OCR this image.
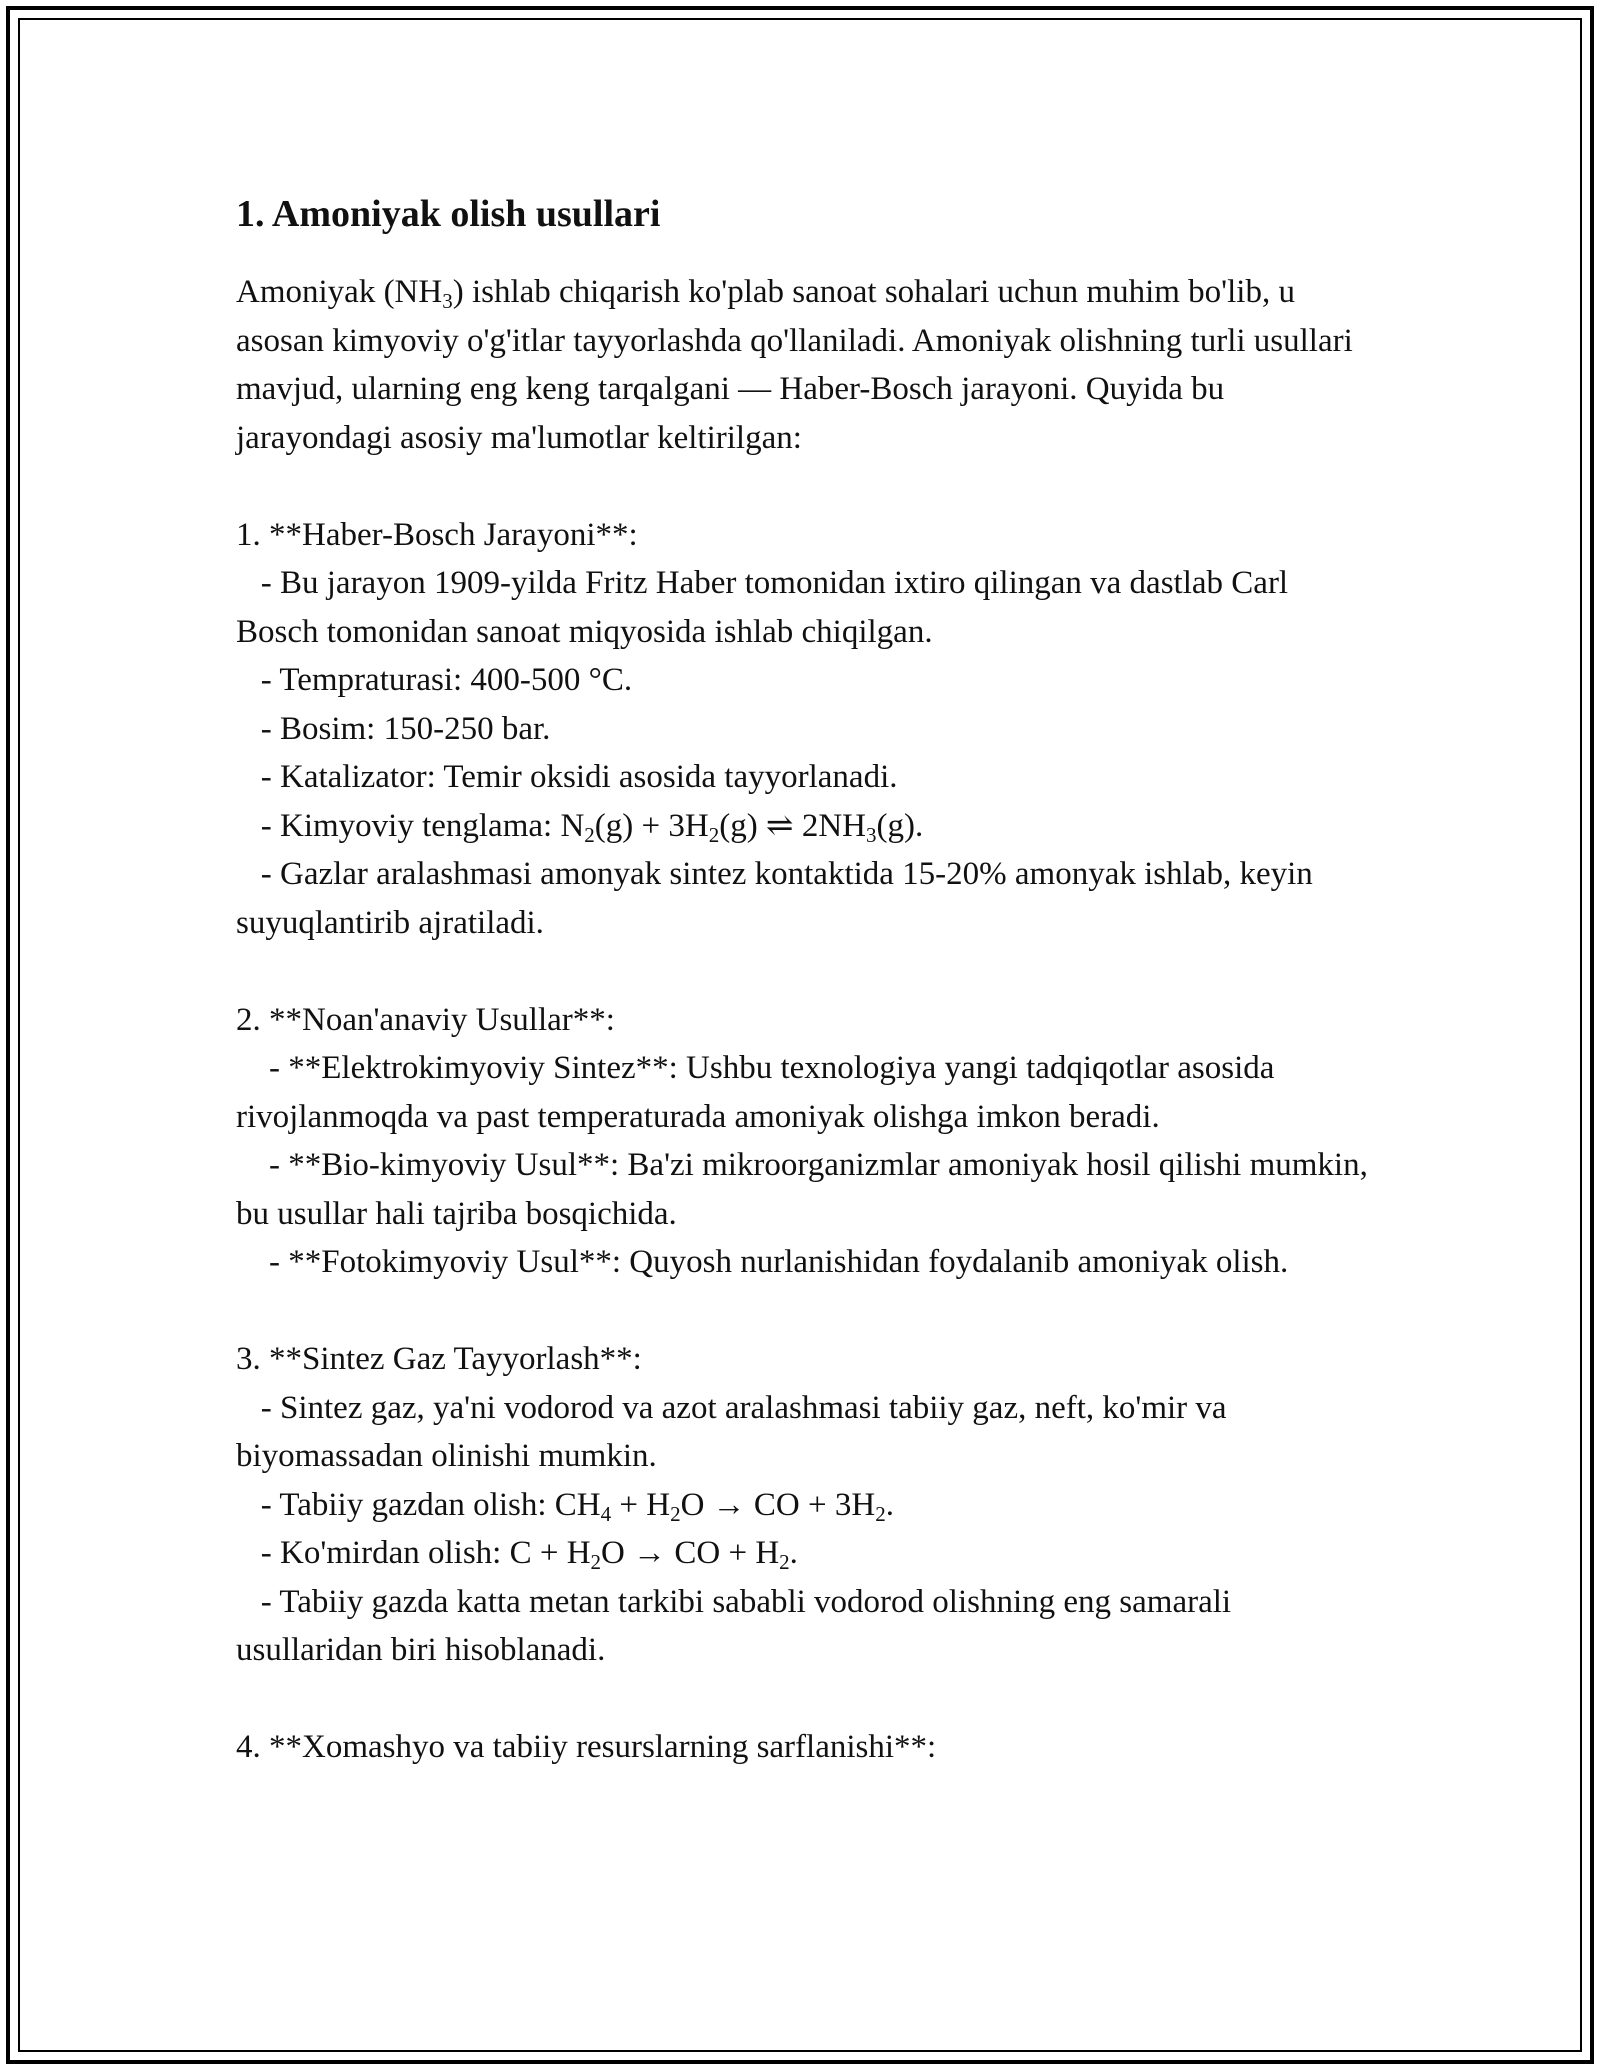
1. Amoniyak olish usullari

Amoniyak $(NH_3)$ ishlab chiqarish ko'plab sanoat sohalari uchun muhim bo'lib, u asosan kimyoviy o'g'itlar tayyorlashda qo'llaniladi. Amoniyak olishning turli usullari mavjud, ularning eng keng tarqalgani — Haber-Bosch jarayoni. Quyida bu jarayondagi asosiy ma'lumotlar keltirilgan:

1. **Haber-Bosch Jarayoni**:

- Bu jarayon 1909-yilda Fritz Haber tomonidan ixtiro qilingan va dastlab Carl Bosch tomonidan sanoat miqyosida ishlab chiqilgan.

- Tempraturasi: 400-500 °C.

- Bosim: 150-250 bar.

- Katalizator: Temir oksidi asosida tayyorlanadi.

- Kimyoviy tenglama: $N_2(g) + 3H_2(g)$ ⇌ $2NH_3(g)$.

- Gazlar aralashmasi amonyak sintez kontaktida 15-20% amonyak ishlab, keyin suyuqlantirib ajratiladi.

2. **Noan'anaviy Usullar**:

- **Elektrokimyoviy Sintez**: Ushbu texnologiya yangi tadqiqotlar asosida rivojlanmoqda va past temperaturada amoniyak olishga imkon beradi.

- **Bio-kimyoviy Usul**: Ba'zi mikroorganizmlar amoniyak hosil qilishi mumkin, bu usullar hali tajriba bosqichida.

- **Fotokimyoviy Usul**: Quyosh nurlanishidan foydalanib amoniyak olish.

3. **Sintez Gaz Tayyorlash**:

- Sintez gaz, ya'ni vodorod va azot aralashmasi tabiiy gaz, neft, ko'mir va biyomassadan olinishi mumkin.

- Tabiiy gazdan olish: $CH_4 + H_2O$ → CO + $3H_2$.

- Ko'mirdan olish: $C + H_2O$ → CO + $H_2$.

- Tabiiy gazda katta metan tarkibi sababli vodorod olishning eng samarali usullaridan biri hisoblanadi.

4. **Xomashyo va tabiiy resurslarning sarflanishi**:
